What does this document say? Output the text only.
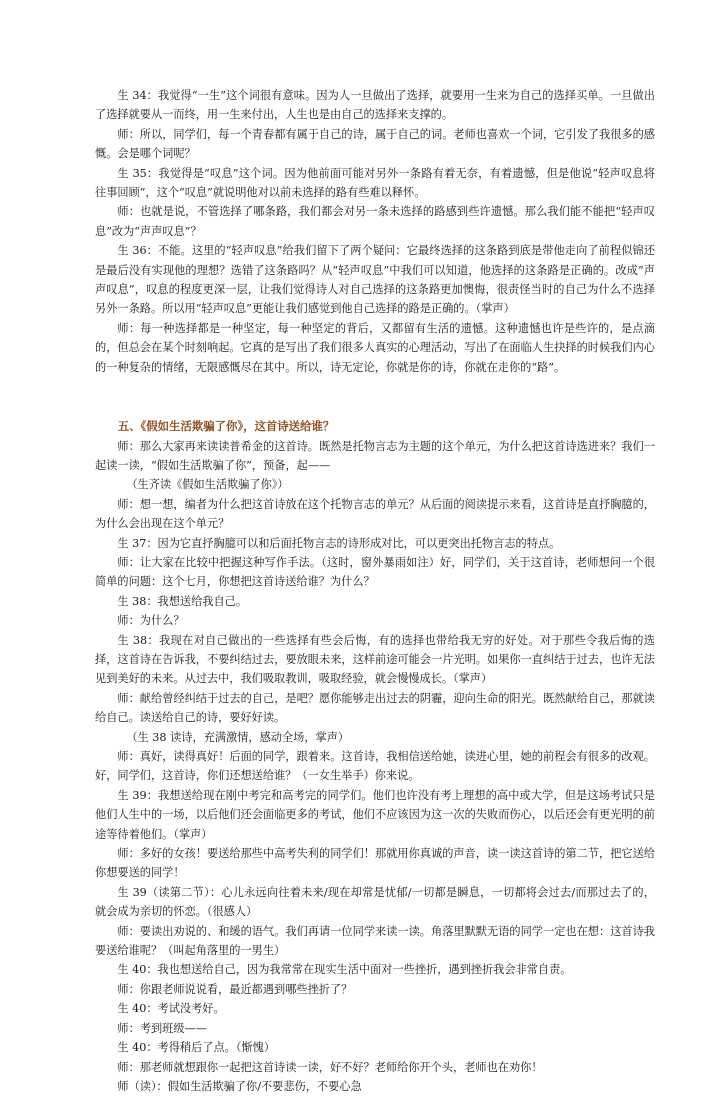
生 34：我觉得“一生”这个词很有意味。因为人一旦做出了选择，就要用一生来为自己的选择买单。一旦做出了选择就要从一而终，用一生来付出，人生也是由自己的选择来支撑的。

师：所以，同学们，每一个青春都有属于自己的诗，属于自己的词。老师也喜欢一个词，它引发了我很多的感慨。会是哪个词呢？

生 35：我觉得是“叹息”这个词。因为他前面可能对另外一条路有着无奈，有着遗憾，但是他说“轻声叹息将往事回顾”，这个“叹息”就说明他对以前未选择的路有些难以释怀。

师：也就是说，不管选择了哪条路，我们都会对另一条未选择的路感到些许遗憾。那么我们能不能把“轻声叹息”改为“声声叹息”？

生 36：不能。这里的“轻声叹息”给我们留下了两个疑问：它最终选择的这条路到底是带他走向了前程似锦还是最后没有实现他的理想？选错了这条路吗？从“轻声叹息”中我们可以知道，他选择的这条路是正确的。改成“声声叹息”，叹息的程度更深一层，让我们觉得诗人对自己选择的这条路更加懊悔，很责怪当时的自己为什么不选择另外一条路。所以用“轻声叹息”更能让我们感觉到他自己选择的路是正确的。（掌声）

师：每一种选择都是一种坚定，每一种坚定的背后，又都留有生活的遗憾。这种遗憾也许是些许的，是点滴的，但总会在某个时刻响起。它真的是写出了我们很多人真实的心理活动，写出了在面临人生抉择的时候我们内心的一种复杂的情绪，无限感慨尽在其中。所以，诗无定论，你就是你的诗，你就在走你的“路”。

五、《假如生活欺骗了你》，这首诗送给谁？

师：那么大家再来读读普希金的这首诗。既然是托物言志为主题的这个单元，为什么把这首诗选进来？我们一起读一读，“假如生活欺骗了你”，预备，起——

（生齐读《假如生活欺骗了你》）

师：想一想，编者为什么把这首诗放在这个托物言志的单元？从后面的阅读提示来看，这首诗是直抒胸臆的，为什么会出现在这个单元？

生 37：因为它直抒胸臆可以和后面托物言志的诗形成对比，可以更突出托物言志的特点。

师：让大家在比较中把握这种写作手法。（这时，窗外暴雨如注）好，同学们，关于这首诗，老师想问一个很简单的问题：这个七月，你想把这首诗送给谁？为什么？

生 38：我想送给我自己。

师：为什么？

生 38：我现在对自己做出的一些选择有些会后悔，有的选择也带给我无穷的好处。对于那些令我后悔的选择，这首诗在告诉我，不要纠结过去，要放眼未来，这样前途可能会一片光明。如果你一直纠结于过去，也许无法见到美好的未来。从过去中，我们吸取教训，吸取经验，就会慢慢成长。（掌声）

师：献给曾经纠结于过去的自己，是吧？愿你能够走出过去的阴霾，迎向生命的阳光。既然献给自己，那就读给自己。读送给自己的诗，要好好读。

（生 38 读诗，充满激情，感动全场，掌声）

师：真好，读得真好！后面的同学，跟着来。这首诗，我相信送给她，读进心里，她的前程会有很多的改观。好，同学们，这首诗，你们还想送给谁？（一女生举手）你来说。

生 39：我想送给现在刚中考完和高考完的同学们。他们也许没有考上理想的高中或大学，但是这场考试只是他们人生中的一场，以后他们还会面临更多的考试，他们不应该因为这一次的失败而伤心，以后还会有更光明的前途等待着他们。（掌声）

师：多好的女孩！要送给那些中高考失利的同学们！那就用你真诚的声音，读一读这首诗的第二节，把它送给你想要送的同学！

生 39（读第二节）：心儿永远向往着未来/现在却常是忧郁/一切都是瞬息，一切都将会过去/而那过去了的，就会成为亲切的怀恋。（很感人）

师：要读出劝说的、和缓的语气。我们再请一位同学来读一读。角落里默默无语的同学一定也在想：这首诗我要送给谁呢？（叫起角落里的一男生）

生 40：我也想送给自己，因为我常常在现实生活中面对一些挫折，遇到挫折我会非常自责。

师：你跟老师说说看，最近都遇到哪些挫折了？

生 40：考试没考好。

师：考到班级——

生 40：考得稍后了点。（惭愧）

师：那老师就想跟你一起把这首诗读一读，好不好？老师给你开个头，老师也在劝你！

师（读）：假如生活欺骗了你/不要悲伤，不要心急
